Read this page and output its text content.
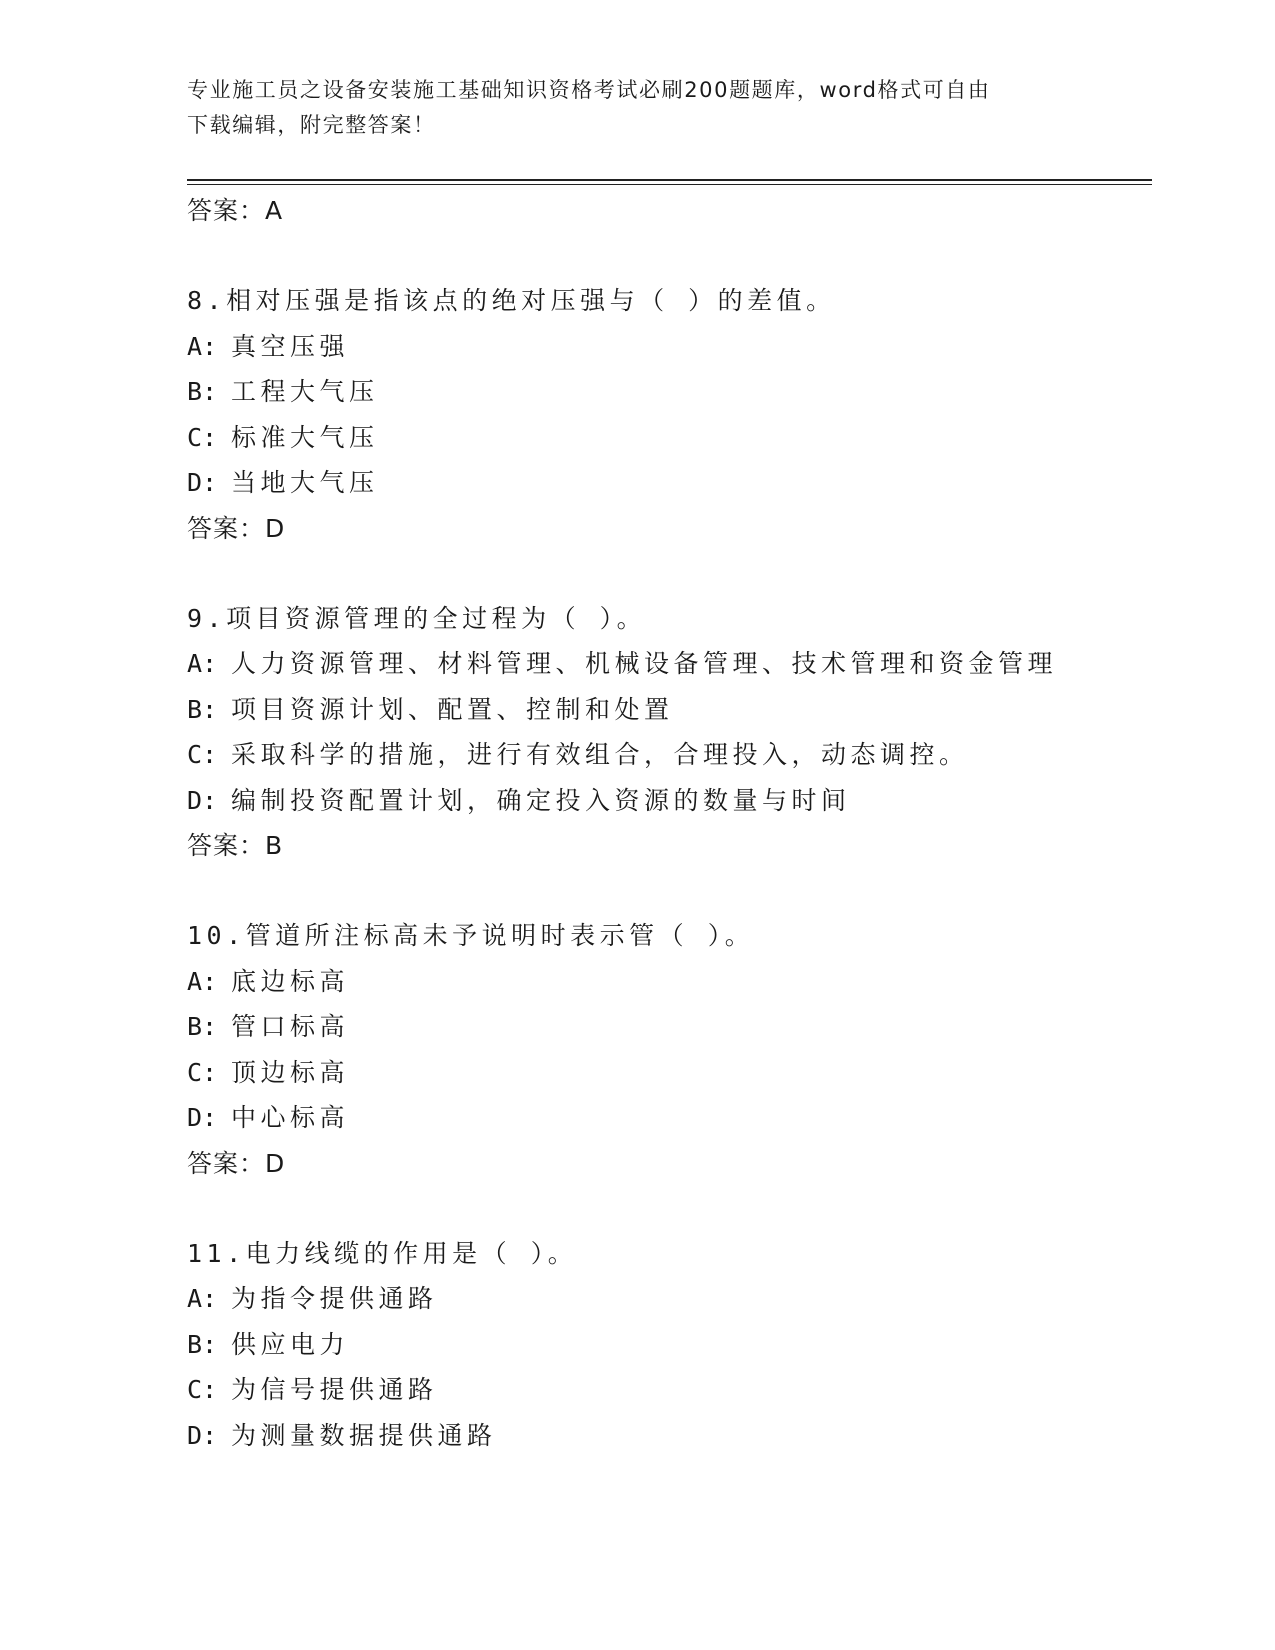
专业施工员之设备安装施工基础知识资格考试必刷200题题库，word格式可自由
下载编辑，附完整答案！
答案：A
8.相对压强是指该点的绝对压强与（ ）的差值。
A: 真空压强
B: 工程大气压
C: 标准大气压
D: 当地大气压
答案：D
9.项目资源管理的全过程为（ ）。
A: 人力资源管理、材料管理、机械设备管理、技术管理和资金管理
B: 项目资源计划、配置、控制和处置
C: 采取科学的措施，进行有效组合，合理投入，动态调控。
D: 编制投资配置计划，确定投入资源的数量与时间
答案：B
10.管道所注标高未予说明时表示管（ ）。
A: 底边标高
B: 管口标高
C: 顶边标高
D: 中心标高
答案：D
11.电力线缆的作用是（ ）。
A: 为指令提供通路
B: 供应电力
C: 为信号提供通路
D: 为测量数据提供通路
